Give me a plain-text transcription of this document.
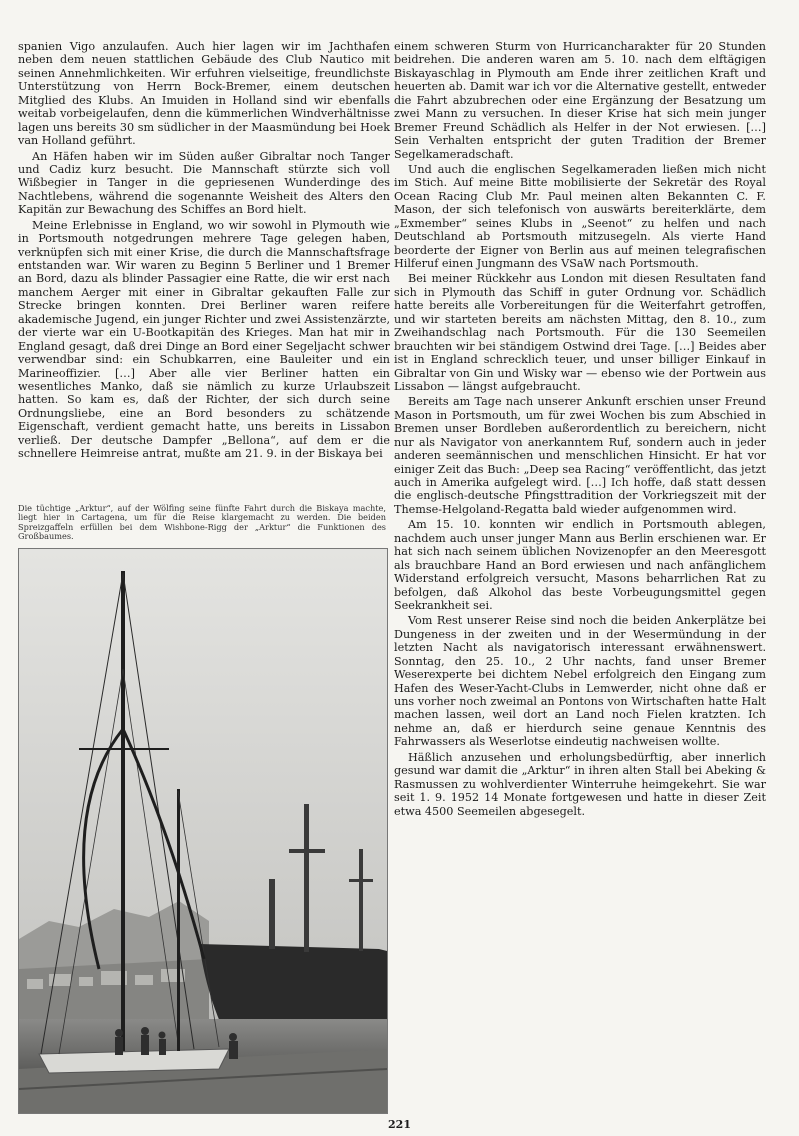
spanien Vigo anzulaufen. Auch hier lagen wir im Jachthafen neben dem neuen stattlichen Gebäude des Club Nautico mit seinen Annehmlichkeiten. Wir erfuhren vielseitige, freundlichste Unterstützung von Herrn Bock-Bremer, einem deutschen Mitglied des Klubs. An Imuiden in Holland sind wir ebenfalls weitab vorbeigelaufen, denn die kümmerlichen Windverhältnisse lagen uns bereits 30 sm südlicher in der Maasmündung bei Hoek van Holland geführt.

An Häfen haben wir im Süden außer Gibraltar noch Tanger und Cadiz kurz besucht. Die Mannschaft stürzte sich voll Wißbegier in Tanger in die gepriesenen Wunderdinge des Nachtlebens, während die sogenannte Weisheit des Alters den Kapitän zur Bewachung des Schiffes an Bord hielt.

Meine Erlebnisse in England, wo wir sowohl in Plymouth wie in Portsmouth notgedrungen mehrere Tage gelegen haben, verknüpfen sich mit einer Krise, die durch die Mannschaftsfrage entstanden war. Wir waren zu Beginn 5 Berliner und 1 Bremer an Bord, dazu als blinder Passagier eine Ratte, die wir erst nach manchem Aerger mit einer in Gibraltar gekauften Falle zur Strecke bringen konnten. Drei Berliner waren reifere akademische Jugend, ein junger Richter und zwei Assistenzärzte, der vierte war ein U-Bootkapitän des Krieges. Man hat mir in England gesagt, daß drei Dinge an Bord einer Segeljacht schwer verwendbar sind: ein Schubkarren, eine Bauleiter und ein Marineoffizier. […] Aber alle vier Berliner hatten ein wesentliches Manko, daß sie nämlich zu kurze Urlaubszeit hatten. So kam es, daß der Richter, der sich durch seine Ordnungsliebe, eine an Bord besonders zu schätzende Eigenschaft, verdient gemacht hatte, uns bereits in Lissabon verließ. Der deutsche Dampfer „Bellona“, auf dem er die schnellere Heimreise antrat, mußte am 21. 9. in der Biskaya bei

Die tüchtige „Arktur“, auf der Wölfing seine fünfte Fahrt durch die Biskaya machte, liegt hier in Cartagena, um für die Reise klargemacht zu werden. Die beiden Spreizgaffeln erfüllen bei dem Wishbone-Rigg der „Arktur“ die Funktionen des Großbaumes.

einem schweren Sturm von Hurricancharakter für 20 Stunden beidrehen. Die anderen waren am 5. 10. nach dem elftägigen Biskayaschlag in Plymouth am Ende ihrer zeitlichen Kraft und heuerten ab. Damit war ich vor die Alternative gestellt, entweder die Fahrt abzubrechen oder eine Ergänzung der Besatzung um zwei Mann zu versuchen. In dieser Krise hat sich mein junger Bremer Freund Schädlich als Helfer in der Not erwiesen. […] Sein Verhalten entspricht der guten Tradition der Bremer Segelkameradschaft.

Und auch die englischen Segelkameraden ließen mich nicht im Stich. Auf meine Bitte mobilisierte der Sekretär des Royal Ocean Racing Club Mr. Paul meinen alten Bekannten C. F. Mason, der sich telefonisch von auswärts bereiterklärte, dem „Exmember“ seines Klubs in „Seenot“ zu helfen und nach Deutschland ab Portsmouth mitzusegeln. Als vierte Hand beorderte der Eigner von Berlin aus auf meinen telegrafischen Hilferuf einen Jungmann des VSaW nach Portsmouth.

Bei meiner Rückkehr aus London mit diesen Resultaten fand sich in Plymouth das Schiff in guter Ordnung vor. Schädlich hatte bereits alle Vorbereitungen für die Weiterfahrt getroffen, und wir starteten bereits am nächsten Mittag, den 8. 10., zum Zweihandschlag nach Portsmouth. Für die 130 Seemeilen brauchten wir bei ständigem Ostwind drei Tage. […] Beides aber ist in England schrecklich teuer, und unser billiger Einkauf in Gibraltar von Gin und Wisky war — ebenso wie der Portwein aus Lissabon — längst aufgebraucht.

Bereits am Tage nach unserer Ankunft erschien unser Freund Mason in Portsmouth, um für zwei Wochen bis zum Abschied in Bremen unser Bordleben außerordentlich zu bereichern, nicht nur als Navigator von anerkanntem Ruf, sondern auch in jeder anderen seemännischen und menschlichen Hinsicht. Er hat vor einiger Zeit das Buch: „Deep sea Racing“ veröffentlicht, das jetzt auch in Amerika aufgelegt wird. […] Ich hoffe, daß statt dessen die englisch-deutsche Pfingsttradition der Vorkriegszeit mit der Themse-Helgoland-Regatta bald wieder aufgenommen wird.

Am 15. 10. konnten wir endlich in Portsmouth ablegen, nachdem auch unser junger Mann aus Berlin erschienen war. Er hat sich nach seinem üblichen Novizenopfer an den Meeresgott als brauchbare Hand an Bord erwiesen und nach anfänglichem Widerstand erfolgreich versucht, Masons beharrlichen Rat zu befolgen, daß Alkohol das beste Vorbeugungsmittel gegen Seekrankheit sei.

Vom Rest unserer Reise sind noch die beiden Ankerplätze bei Dungeness in der zweiten und in der Wesermündung in der letzten Nacht als navigatorisch interessant erwähnenswert. Sonntag, den 25. 10., 2 Uhr nachts, fand unser Bremer Weserexperte bei dichtem Nebel erfolgreich den Eingang zum Hafen des Weser-Yacht-Clubs in Lemwerder, nicht ohne daß er uns vorher noch zweimal an Pontons von Wirtschaften hatte Halt machen lassen, weil dort an Land noch Fielen kratzten. Ich nehme an, daß er hierdurch seine genaue Kenntnis des Fahrwassers als Weserlotse eindeutig nachweisen wollte.

Häßlich anzusehen und erholungsbedürftig, aber innerlich gesund war damit die „Arktur“ in ihren alten Stall bei Abeking & Rasmussen zu wohlverdienter Winterruhe heimgekehrt. Sie war seit 1. 9. 1952 14 Monate fortgewesen und hatte in dieser Zeit etwa 4500 Seemeilen abgesegelt.

221
